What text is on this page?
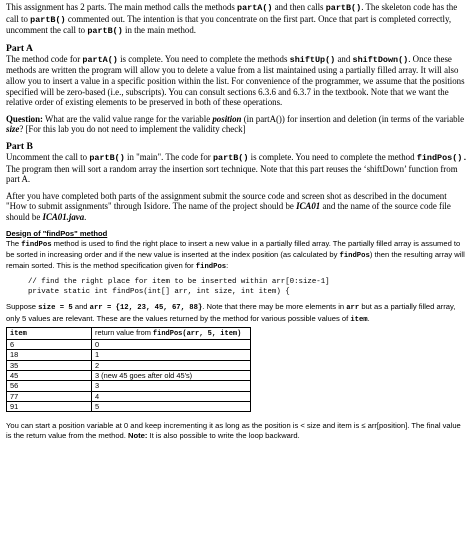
This assignment has 2 parts. The main method calls the methods partA() and then calls partB(). The skeleton code has the call to partB() commented out. The intention is that you concentrate on the first part. Once that part is completed correctly, uncomment the call to partB() in the main method.

Part A

The method code for partA() is complete. You need to complete the methods shiftUp() and shiftDown(). Once these methods are written the program will allow you to delete a value from a list maintained using a partially filled array. It will also allow you to insert a value in a specific position within the list. For convenience of the programmer, we assume that the positions specified will be zero-based (i.e., subscripts). You can consult sections 6.3.6 and 6.3.7 in the textbook. Note that we want the relative order of existing elements to be preserved in both of these operations.

Question: What are the valid value range for the variable position (in partA()) for insertion and deletion (in terms of the variable size? [For this lab you do not need to implement the validity check]

Part B

Uncomment the call to partB() in "main". The code for partB() is complete. You need to complete the method findPos(). The program then will sort a random array the insertion sort technique. Note that this part reuses the ‘shiftDown’ function from part A.

After you have completed both parts of the assignment submit the source code and screen shot as described in the document "How to submit assignments" through Isidore. The name of the project should be ICA01 and the name of the source code file should be ICA01.java.

Design of "findPos" method

The findPos method is used to find the right place to insert a new value in a partially filled array. The partially filled array is assumed to be sorted in increasing order and if the new value is inserted at the index position (as calculated by findPos) then the resulting array will remain sorted. This is the method specification given for findPos:

// find the right place for item to be inserted within arr[0:size-1]
private static int findPos(int[] arr, int size, int item) {

Suppose size = 5 and arr = {12, 23, 45, 67, 88}. Note that there may be more elements in arr but as a partially filled array, only 5 values are relevant. These are the values returned by the method for various possible values of item.

item	return value from findPos(arr, 5, item)
6	0
18	1
35	2
45	3 (new 45 goes after old 45's)
56	3
77	4
91	5

You can start a position variable at 0 and keep incrementing it as long as the position is < size and item is ≤ arr[position]. The final value is the return value from the method. Note: It is also possible to write the loop backward.
